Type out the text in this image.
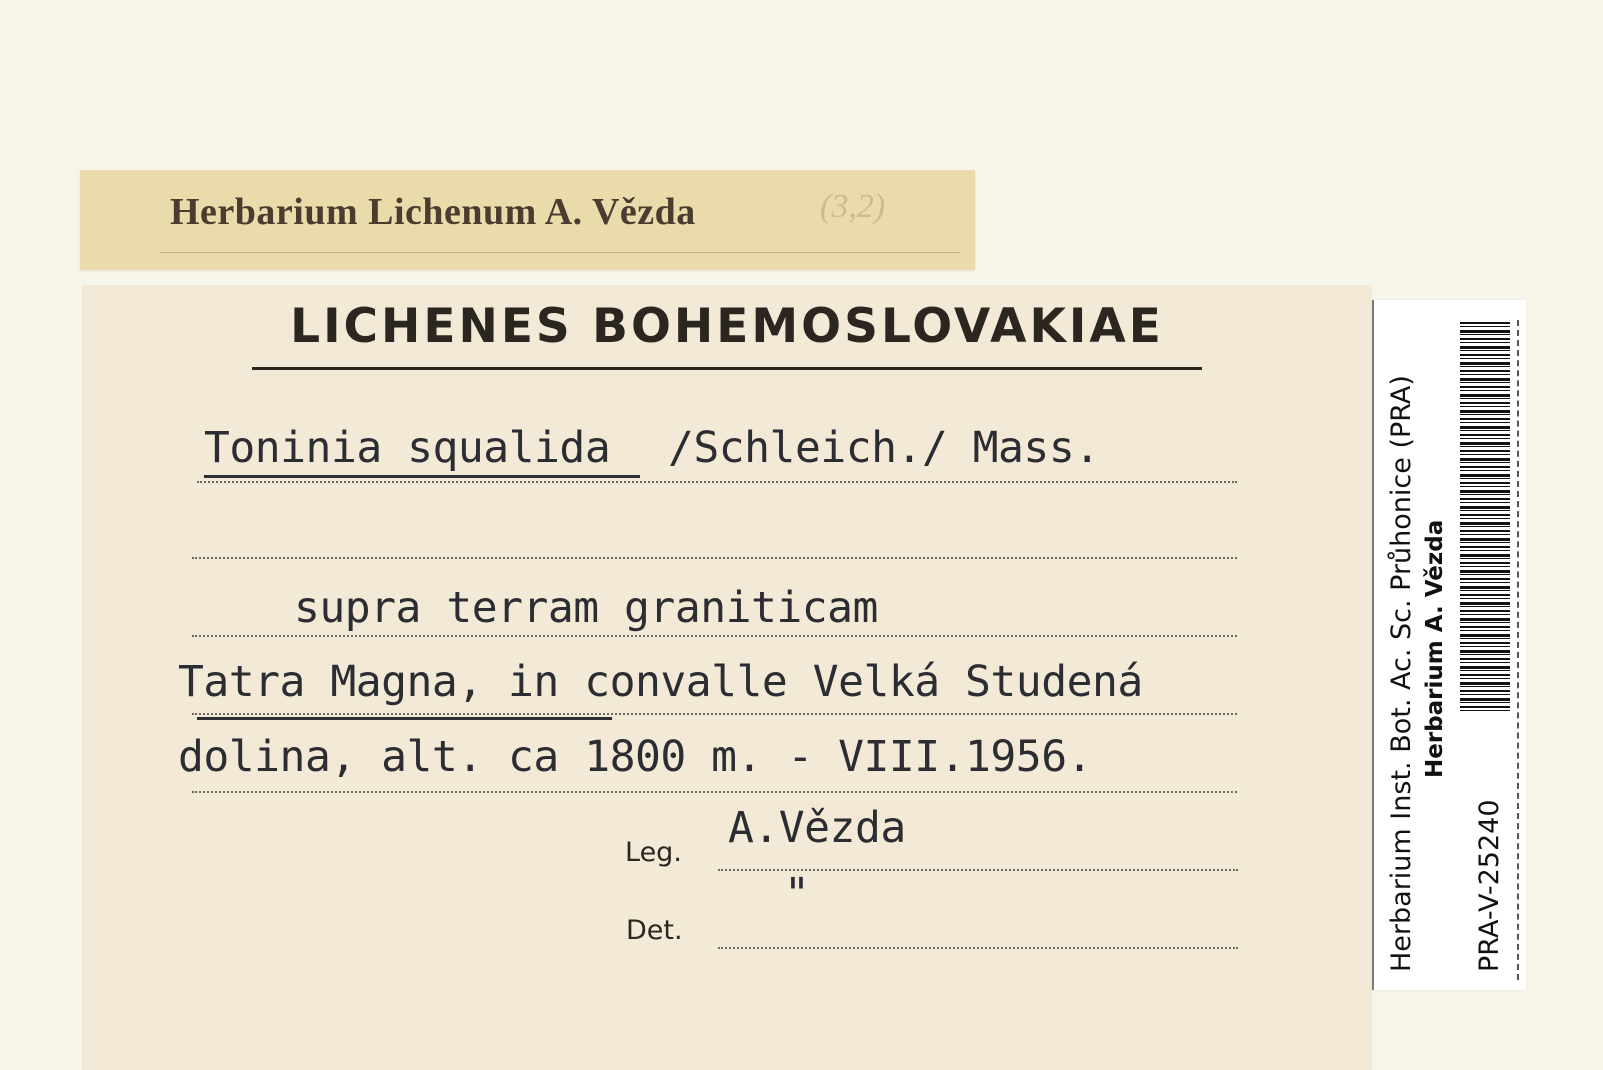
Herbarium Lichenum A. Vězda	(3,2)
LICHENES BOHEMOSLOVAKIAE
Toninia squalida /Schleich./ Mass.
supra terram graniticam
Tatra Magna, in convalle Velká Studená
dolina, alt. ca 1800 m. - VIII.1956.
A.Vězda
Leg.
"
Det.	Herbarium Inst. Bot. Ac. Sc. Průhonice (PRA) Herbarium A. Vězda
PRA-V-25240
